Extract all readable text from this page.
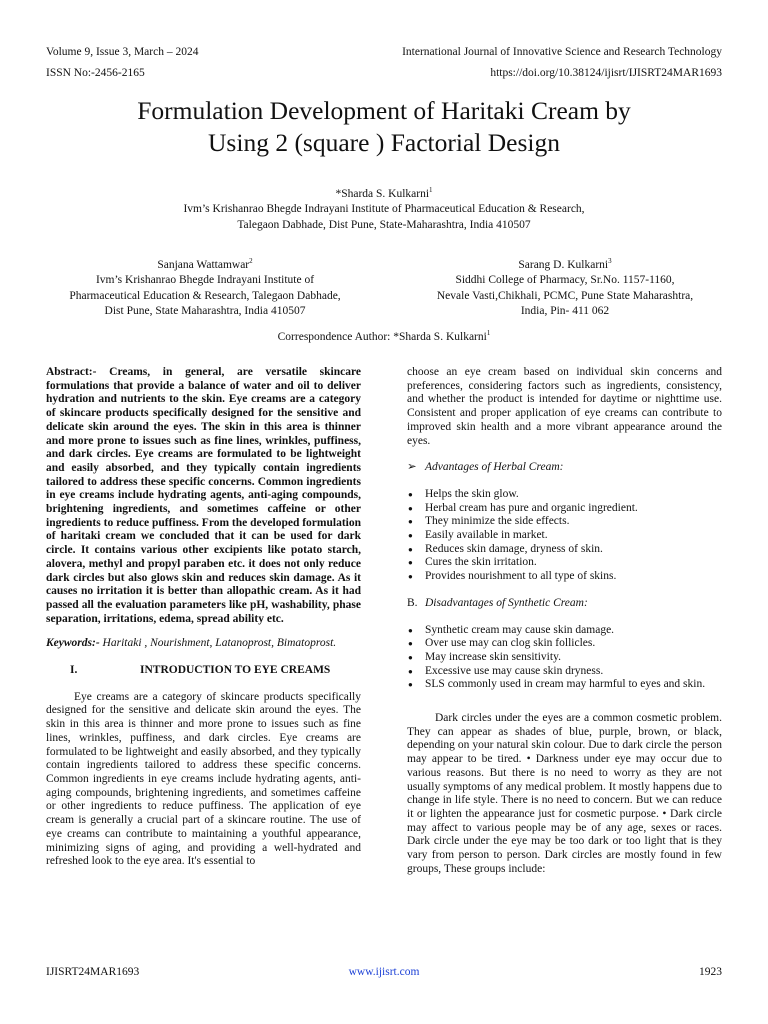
Volume 9, Issue 3, March – 2024	International Journal of Innovative Science and Research Technology
ISSN No:-2456-2165	https://doi.org/10.38124/ijisrt/IJISRT24MAR1693
Formulation Development of Haritaki Cream by
Using 2 (square ) Factorial Design
*Sharda S. Kulkarni$^1$
Ivm’s Krishanrao Bhegde Indrayani Institute of Pharmaceutical Education & Research,
Talegaon Dabhade, Dist Pune, State-Maharashtra, India 410507
Sanjana Wattamwar$^2$
Ivm’s Krishanrao Bhegde Indrayani Institute of
Pharmaceutical Education & Research, Talegaon Dabhade,
Dist Pune, State Maharashtra, India 410507
Sarang D. Kulkarni$^3$
Siddhi College of Pharmacy, Sr.No. 1157-1160,
Nevale Vasti,Chikhali, PCMC, Pune State Maharashtra,
India, Pin- 411 062
Correspondence Author: *Sharda S. Kulkarni$^1$

Abstract:- Creams, in general, are versatile skincare formulations that provide a balance of water and oil to deliver hydration and nutrients to the skin. Eye creams are a category of skincare products specifically designed for the sensitive and delicate skin around the eyes. The skin in this area is thinner and more prone to issues such as fine lines, wrinkles, puffiness, and dark circles. Eye creams are formulated to be lightweight and easily absorbed, and they typically contain ingredients tailored to address these specific concerns. Common ingredients in eye creams include hydrating agents, anti-aging compounds, brightening ingredients, and sometimes caffeine or other ingredients to reduce puffiness. From the developed formulation of haritaki cream we concluded that it can be used for dark circle. It contains various other excipients like potato starch, alovera, methyl and propyl paraben etc. it does not only reduce dark circles but also glows skin and reduces skin damage. As it causes no irritation it is better than allopathic cream. As it had passed all the evaluation parameters like pH, washability, phase separation, irritations, edema, spread ability etc.

Keywords:- Haritaki , Nourishment, Latanoprost, Bimatoprost.

I.	INTRODUCTION TO EYE CREAMS

Eye creams are a category of skincare products specifically designed for the sensitive and delicate skin around the eyes. The skin in this area is thinner and more prone to issues such as fine lines, wrinkles, puffiness, and dark circles. Eye creams are formulated to be lightweight and easily absorbed, and they typically contain ingredients tailored to address these specific concerns. Common ingredients in eye creams include hydrating agents, anti-aging compounds, brightening ingredients, and sometimes caffeine or other ingredients to reduce puffiness. The application of eye cream is generally a crucial part of a skincare routine. The use of eye creams can contribute to maintaining a youthful appearance, minimizing signs of aging, and providing a well-hydrated and refreshed look to the eye area. It's essential to

choose an eye cream based on individual skin concerns and preferences, considering factors such as ingredients, consistency, and whether the product is intended for daytime or nighttime use. Consistent and proper application of eye creams can contribute to improved skin health and a more vibrant appearance around the eyes.

➢ Advantages of Herbal Cream:
● Helps the skin glow.
● Herbal cream has pure and organic ingredient.
● They minimize the side effects.
● Easily available in market.
● Reduces skin damage, dryness of skin.
● Cures the skin irritation.
● Provides nourishment to all type of skins.
B. Disadvantages of Synthetic Cream:
● Synthetic cream may cause skin damage.
● Over use may can clog skin follicles.
● May increase skin sensitivity.
● Excessive use may cause skin dryness.
● SLS commonly used in cream may harmful to eyes and skin.

Dark circles under the eyes are a common cosmetic problem. They can appear as shades of blue, purple, brown, or black, depending on your natural skin colour. Due to dark circle the person may appear to be tired. • Darkness under eye may occur due to various reasons. But there is no need to worry as they are not usually symptoms of any medical problem. It mostly happens due to change in life style. There is no need to concern. But we can reduce it or lighten the appearance just for cosmetic purpose. • Dark circle may affect to various people may be of any age, sexes or races. Dark circle under the eye may be too dark or too light that is they vary from person to person. Dark circles are mostly found in few groups, These groups include:

IJISRT24MAR1693	www.ijisrt.com	1923
